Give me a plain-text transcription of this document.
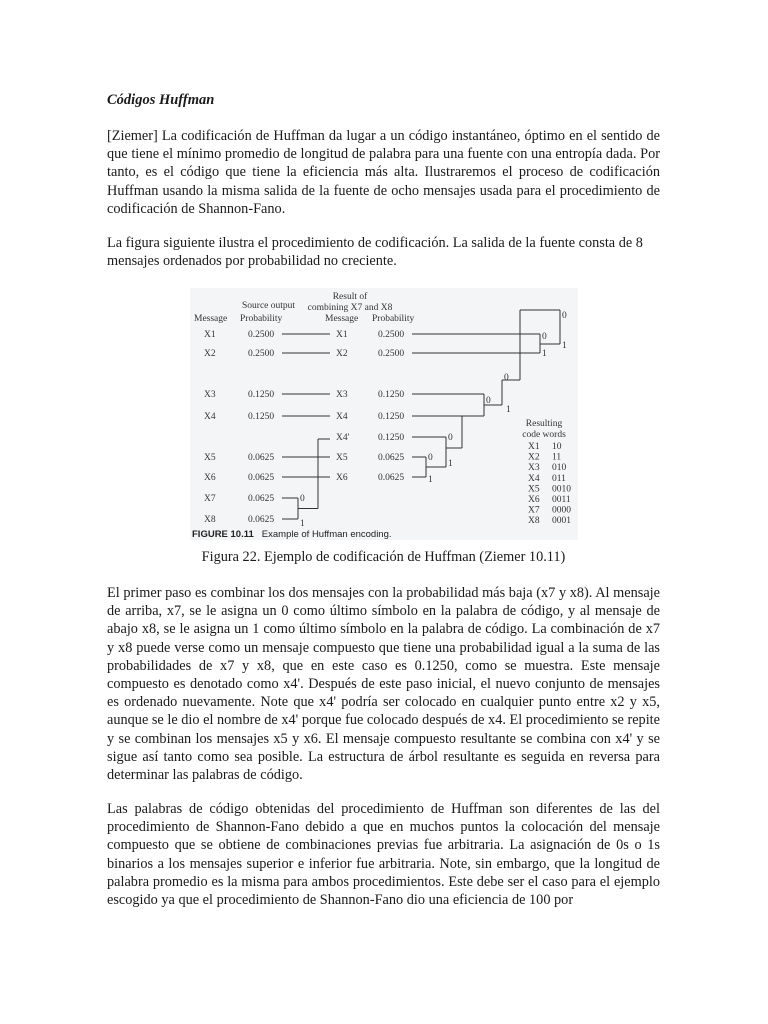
Códigos Huffman

[Ziemer] La codificación de Huffman da lugar a un código instantáneo, óptimo en el sentido de que tiene el mínimo promedio de longitud de palabra para una fuente con una entropía dada. Por tanto, es el código que tiene la eficiencia más alta. Ilustraremos el proceso de codificación Huffman usando la misma salida de la fuente de ocho mensajes usada para el procedimiento de codificación de Shannon-Fano.

La figura siguiente ilustra el procedimiento de codificación. La salida de la fuente consta de 8 mensajes ordenados por probabilidad no creciente.

Source output
Result of
combining X7 and X8
Message Probability	Message Probability
X1
X2
X3
X4
X5
X6
X7
X8
0.2500
0.2500
0.1250
0.1250
0.0625
0.0625
0.0625
0.0625
0
1
X1
X2
X3
X4
X4'
X5
X6
0.2500
0.2500
0.1250
0.1250
0.1250
0.0625
0.0625
0
1
0
1
0
1
0
0
1
0
1
Resulting
code words
X1 10
X2 11
X3 010
X4 011
X5 0010
X6 0011
X7 0000
X8 0001
FIGURE 10.11 Example of Huffman encoding.

Figura 22. Ejemplo de codificación de Huffman (Ziemer 10.11)

El primer paso es combinar los dos mensajes con la probabilidad más baja (x7 y x8). Al mensaje de arriba, x7, se le asigna un 0 como último símbolo en la palabra de código, y al mensaje de abajo x8, se le asigna un 1 como último símbolo en la palabra de código. La combinación de x7 y x8 puede verse como un mensaje compuesto que tiene una probabilidad igual a la suma de las probabilidades de x7 y x8, que en este caso es 0.1250, como se muestra. Este mensaje compuesto es denotado como x4'. Después de este paso inicial, el nuevo conjunto de mensajes es ordenado nuevamente. Note que x4' podría ser colocado en cualquier punto entre x2 y x5, aunque se le dio el nombre de x4' porque fue colocado después de x4. El procedimiento se repite y se combinan los mensajes x5 y x6. El mensaje compuesto resultante se combina con x4' y se sigue así tanto como sea posible. La estructura de árbol resultante es seguida en reversa para determinar las palabras de código.

Las palabras de código obtenidas del procedimiento de Huffman son diferentes de las del procedimiento de Shannon-Fano debido a que en muchos puntos la colocación del mensaje compuesto que se obtiene de combinaciones previas fue arbitraria. La asignación de 0s o 1s binarios a los mensajes superior e inferior fue arbitraria. Note, sin embargo, que la longitud de palabra promedio es la misma para ambos procedimientos. Este debe ser el caso para el ejemplo escogido ya que el procedimiento de Shannon-Fano dio una eficiencia de 100 por
